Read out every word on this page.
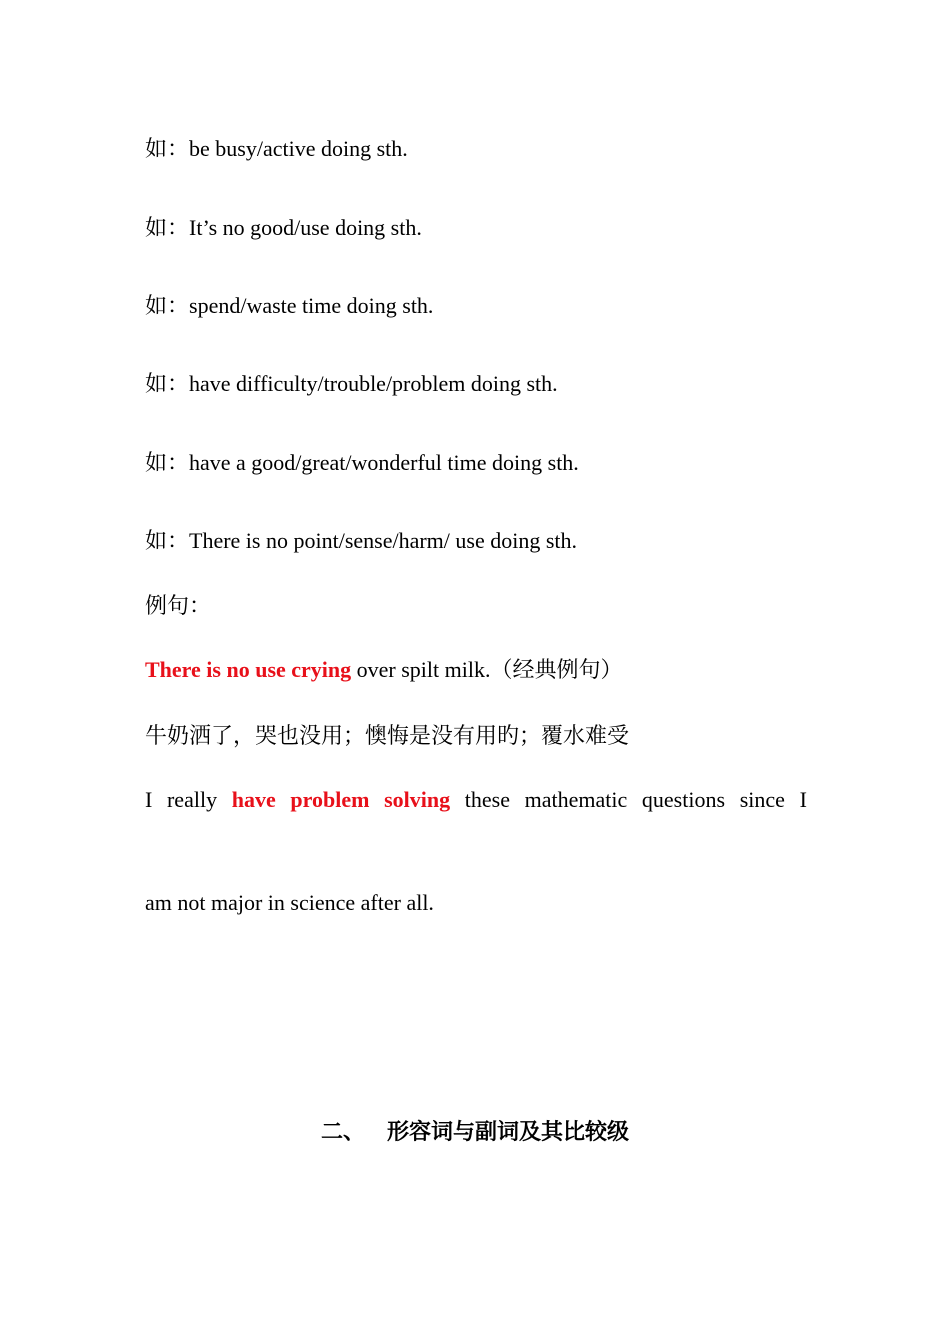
如：be busy/active doing sth.
如：It’s no good/use doing sth.
如：spend/waste time doing sth.
如：have difficulty/trouble/problem doing sth.
如：have a good/great/wonderful time doing sth.
如：There is no point/sense/harm/ use doing sth.
例句：
There is no use crying over spilt milk.（经典例句）
牛奶洒了，哭也没用；懊悔是没有用旳；覆水难受
I really have problem solving these mathematic questions since I
am not major in science after all.
二、 形容词与副词及其比较级
